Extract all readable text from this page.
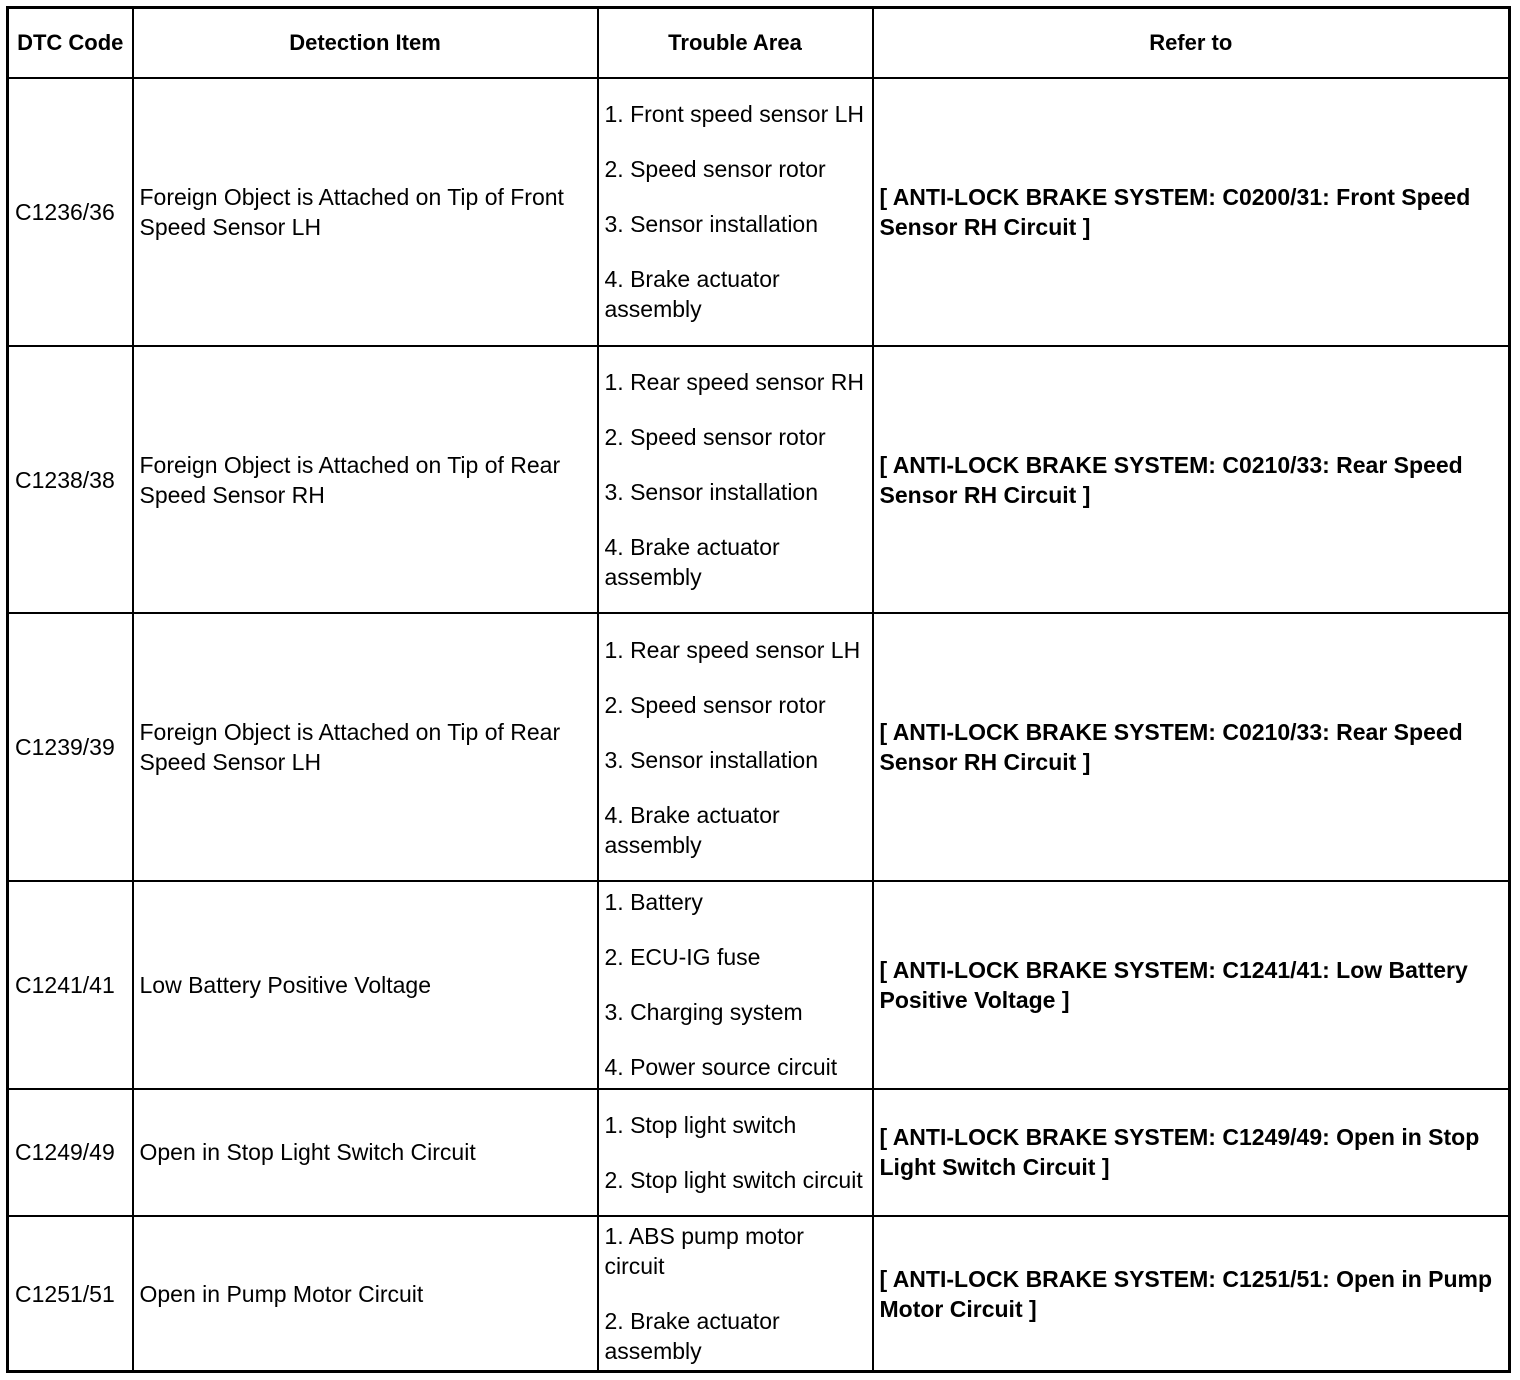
DTC Code	Detection Item	Trouble Area	Refer to
C1236/36	Foreign Object is Attached on Tip of Front Speed Sensor LH	1. Front speed sensor LH
2. Speed sensor rotor
3. Sensor installation
4. Brake actuator assembly	[ ANTI-LOCK BRAKE SYSTEM: C0200/31: Front Speed Sensor RH Circuit ]
C1238/38	Foreign Object is Attached on Tip of Rear Speed Sensor RH	1. Rear speed sensor RH
2. Speed sensor rotor
3. Sensor installation
4. Brake actuator assembly	[ ANTI-LOCK BRAKE SYSTEM: C0210/33: Rear Speed Sensor RH Circuit ]
C1239/39	Foreign Object is Attached on Tip of Rear Speed Sensor LH	1. Rear speed sensor LH
2. Speed sensor rotor
3. Sensor installation
4. Brake actuator assembly	[ ANTI-LOCK BRAKE SYSTEM: C0210/33: Rear Speed Sensor RH Circuit ]
C1241/41	Low Battery Positive Voltage	1. Battery
2. ECU-IG fuse
3. Charging system
4. Power source circuit	[ ANTI-LOCK BRAKE SYSTEM: C1241/41: Low Battery Positive Voltage ]
C1249/49	Open in Stop Light Switch Circuit	1. Stop light switch
2. Stop light switch circuit	[ ANTI-LOCK BRAKE SYSTEM: C1249/49: Open in Stop Light Switch Circuit ]
C1251/51	Open in Pump Motor Circuit	1. ABS pump motor circuit
2. Brake actuator assembly	[ ANTI-LOCK BRAKE SYSTEM: C1251/51: Open in Pump Motor Circuit ]
